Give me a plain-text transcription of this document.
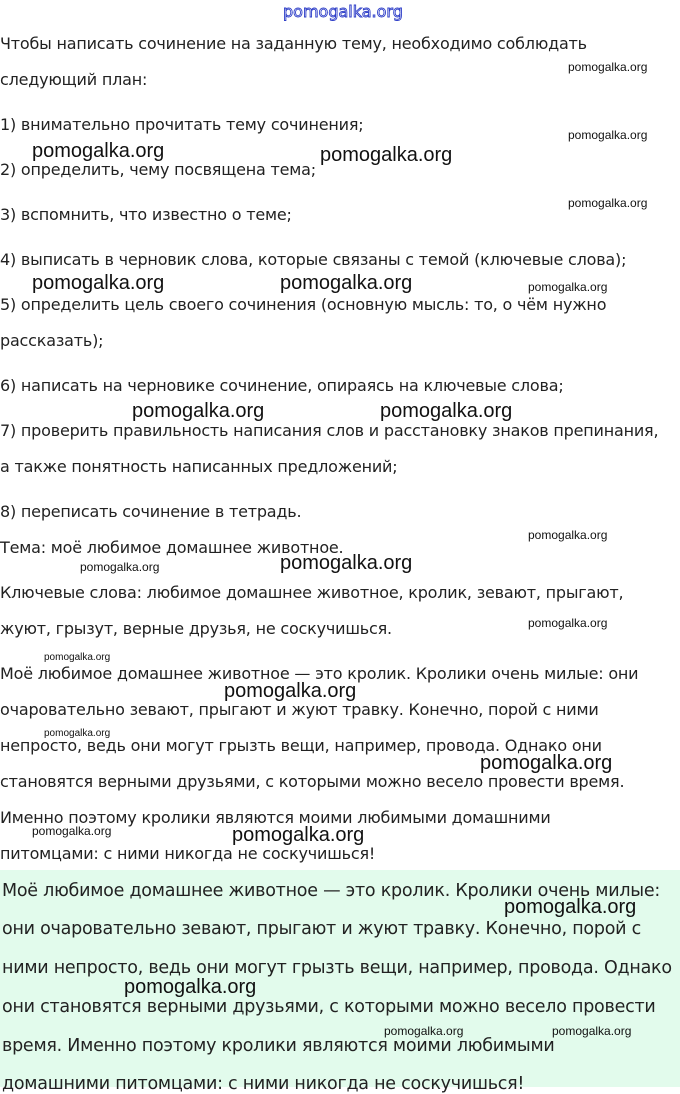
pomogalka.org
Чтобы написать сочинение на заданную тему, необходимо соблюдать
следующий план:
1) внимательно прочитать тему сочинения;
2) определить, чему посвящена тема;
3) вспомнить, что известно о теме;
4) выписать в черновик слова, которые связаны с темой (ключевые слова);
5) определить цель своего сочинения (основную мысль: то, о чём нужно
рассказать);
6) написать на черновике сочинение, опираясь на ключевые слова;
7) проверить правильность написания слов и расстановку знаков препинания,
а также понятность написанных предложений;
8) переписать сочинение в тетрадь.
Тема: моё любимое домашнее животное.
Ключевые слова: любимое домашнее животное, кролик, зевают, прыгают,
жуют, грызут, верные друзья, не соскучишься.
Моё любимое домашнее животное — это кролик. Кролики очень милые: они
очаровательно зевают, прыгают и жуют травку. Конечно, порой с ними
непросто, ведь они могут грызть вещи, например, провода. Однако они
становятся верными друзьями, с которыми можно весело провести время.
Именно поэтому кролики являются моими любимыми домашними
питомцами: с ними никогда не соскучишься!
Моё любимое домашнее животное — это кролик. Кролики очень милые:
они очаровательно зевают, прыгают и жуют травку. Конечно, порой с
ними непросто, ведь они могут грызть вещи, например, провода. Однако
они становятся верными друзьями, с которыми можно весело провести
время. Именно поэтому кролики являются моими любимыми
домашними питомцами: с ними никогда не соскучишься!
pomogalka.org
pomogalka.org
pomogalka.org	pomogalka.org
pomogalka.org
pomogalka.org	pomogalka.org	pomogalka.org
pomogalka.org	pomogalka.org
pomogalka.org
pomogalka.org
pomogalka.org
pomogalka.org
pomogalka.org
pomogalka.org
pomogalka.org
pomogalka.org
pomogalka.org	pomogalka.org
pomogalka.org
pomogalka.org
pomogalka.org	pomogalka.org
